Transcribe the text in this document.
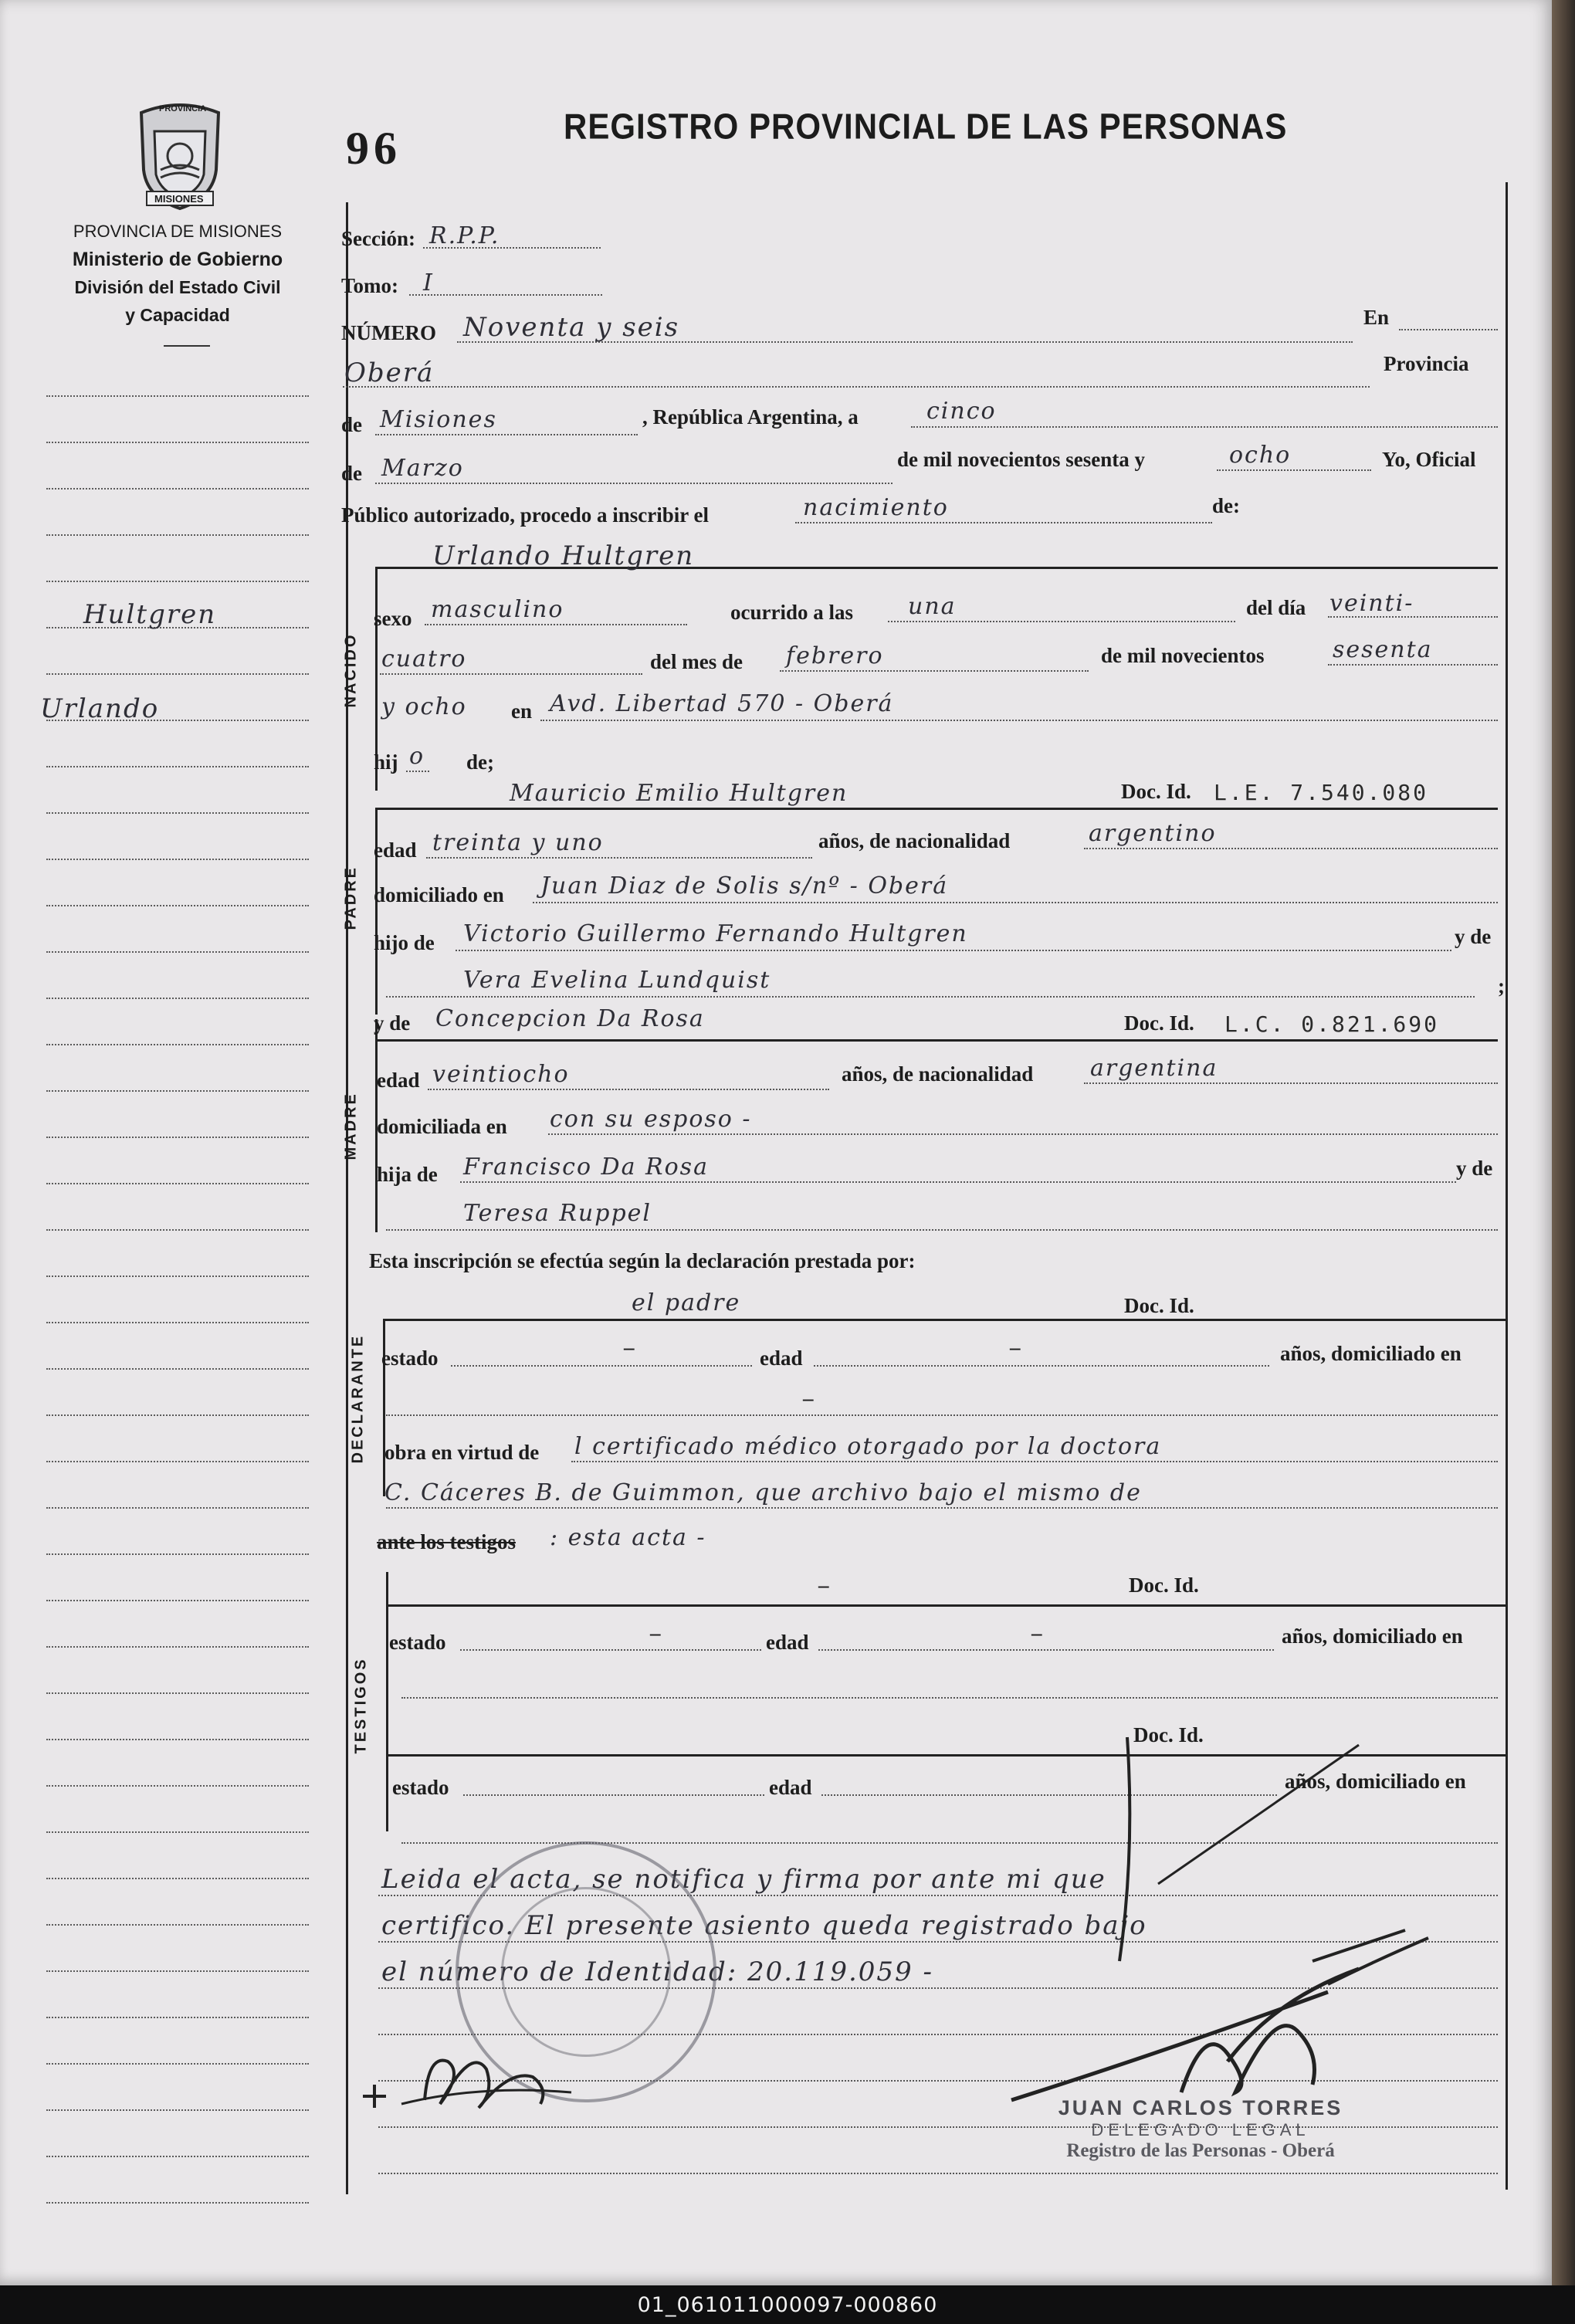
PROVINCIA
MISIONES
PROVINCIA DE MISIONES
Ministerio de Gobierno
División del Estado Civil
y Capacidad
96	REGISTRO PROVINCIAL DE LAS PERSONAS
Hultgren
Urlando
Sección: R.P.P.
Tomo: I
NÚMERO Noventa y seis	En
Oberá	Provincia
de Misiones	, República Argentina, a	cinco
de Marzo	de mil novecientos sesenta y	ocho	Yo, Oficial
Público autorizado, procedo a inscribir el	nacimiento	de:
NACIDO
Urlando Hultgren
sexo masculino	ocurrido a las una	del día veinti-
cuatro	del mes de febrero	de mil novecientos	sesenta
y ocho en Avd. Libertad 570 - Oberá
hij o de;
PADRE
Mauricio Emilio Hultgren	Doc. Id. L.E. 7.540.080
edad treinta y uno	años, de nacionalidad	argentino
domiciliado en Juan Diaz de Solis s/nº - Oberá
hijo de Victorio Guillermo Fernando Hultgren	y de
Vera Evelina Lundquist	;
MADRE
y de Concepcion Da Rosa	Doc. Id. L.C. 0.821.690
edad veintiocho	años, de nacionalidad argentina
domiciliada en con su esposo -
hija de Francisco Da Rosa	y de
Teresa Ruppel
Esta inscripción se efectúa según la declaración prestada por:
DECLARANTE
el padre	Doc. Id.
estado	–	edad	–	años, domiciliado en
–
obra en virtud de l certificado médico otorgado por la doctora
C. Cáceres B. de Guimmon, que archivo bajo el mismo de
ante los testigos : esta acta -
TESTIGOS
–	Doc. Id.
estado	–	edad	–	años, domiciliado en
Doc. Id.
estado	edad	años, domiciliado en
Leida el acta, se notifica y firma por ante mi que
certifico. El presente asiento queda registrado bajo
el número de Identidad: 20.119.059 -
JUAN CARLOS TORRES
DELEGADO LEGAL
Registro de las Personas - Oberá
01_061011000097-000860
